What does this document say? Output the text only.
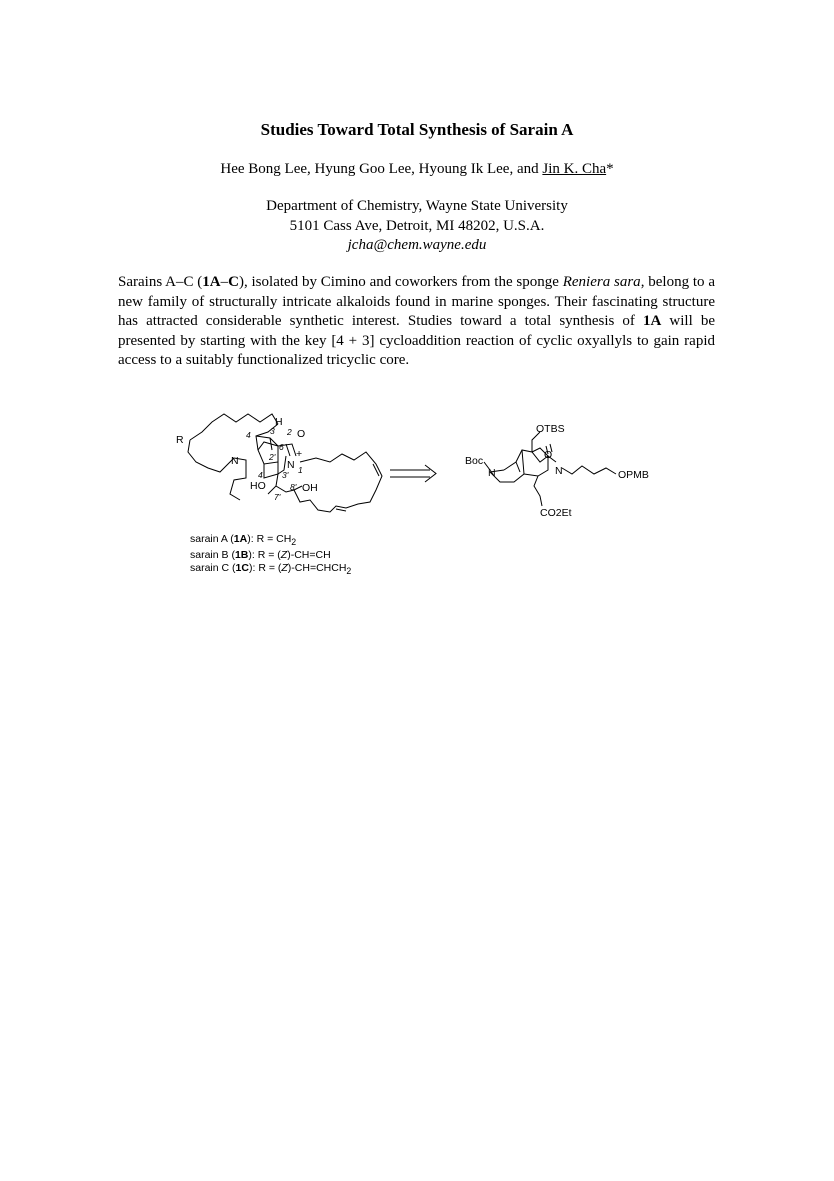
Studies Toward Total Synthesis of Sarain A
Hee Bong Lee, Hyung Goo Lee, Hyoung Ik Lee, and Jin K. Cha*
Department of Chemistry, Wayne State University
5101 Cass Ave, Detroit, MI 48202, U.S.A.
jcha@chem.wayne.edu
Sarains A–C (1A–C), isolated by Cimino and coworkers from the sponge Reniera sara, belong to a new family of structurally intricate alkaloids found in marine sponges. Their fascinating structure has attracted considerable synthetic interest. Studies toward a total synthesis of 1A will be presented by starting with the key [4 + 3] cycloaddition reaction of cyclic oxyallyls to gain rapid access to a suitably functionalized tricyclic core.
R
N	N
+
H
O
HO	OH
4 3 2
6
1
2'
3'
4'
8'
7'
OTBS
Boc
N
O
N	OPMB
CO2Et
sarain A (1A): $R = CH_2$
sarain B (1B): R = (Z)-CH=CH
sarain C (1C): $R = (Z)-CH=CHCH_2$
